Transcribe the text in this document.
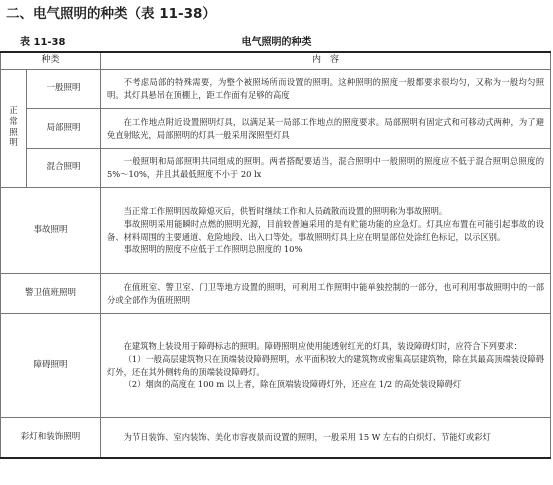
二、电气照明的种类（表 11-38）
电气照明的种类
表 11-38
种类		内　容
正常照明	一般照明	不考虑局部的特殊需要，为整个被照场所而设置的照明。这种照明的照度一般都要求很均匀，又称为一般均匀照明。其灯具悬吊在顶棚上，距工作面有足够的高度

	局部照明	在工作地点附近设置照明灯具，以满足某一局部工作地点的照度要求。局部照明有固定式和可移动式两种，为了避免直射眩光，局部照明的灯具一般采用深照型灯具

	混合照明	一般照明和局部照明共同组成的照明。两者搭配要适当，混合照明中一般照明的照度应不低于混合照明总照度的 5%～10%，并且其最低照度不小于 20 lx

事故照明		当正常工作照明因故障熄灭后，供暂时继续工作和人员疏散而设置的照明称为事故照明。

事故照明采用能瞬时点燃的照明光源，目前较普遍采用的是有贮能功能的应急灯。灯具应布置在可能引起事故的设备、材料周围的主要通道、危险地段、出入口等处。事故照明灯具上应在明显部位处涂红色标记，以示区别。

事故照明的照度不应低于工作照明总照度的 10%

警卫值班照明		在值班室、警卫室、门卫等地方设置的照明，可利用工作照明中能单独控制的一部分，也可利用事故照明中的一部分或全部作为值班照明

障碍照明		在建筑物上装设用于障碍标志的照明。障碍照明应使用能透射红光的灯具，装设障碍灯时，应符合下列要求：

（1）一般高层建筑物只在顶端装设障碍照明，水平面积较大的建筑物或密集高层建筑物，除在其最高顶端装设障碍灯外，还在其外侧转角的顶端装设障碍灯。

（2）烟囱的高度在 100 m 以上者，除在顶端装设障碍灯外，还应在 1/2 的高处装设障碍灯

彩灯和装饰照明		为节日装饰、室内装饰、美化市容夜景而设置的照明，一般采用 15 W 左右的白炽灯、节能灯或彩灯
